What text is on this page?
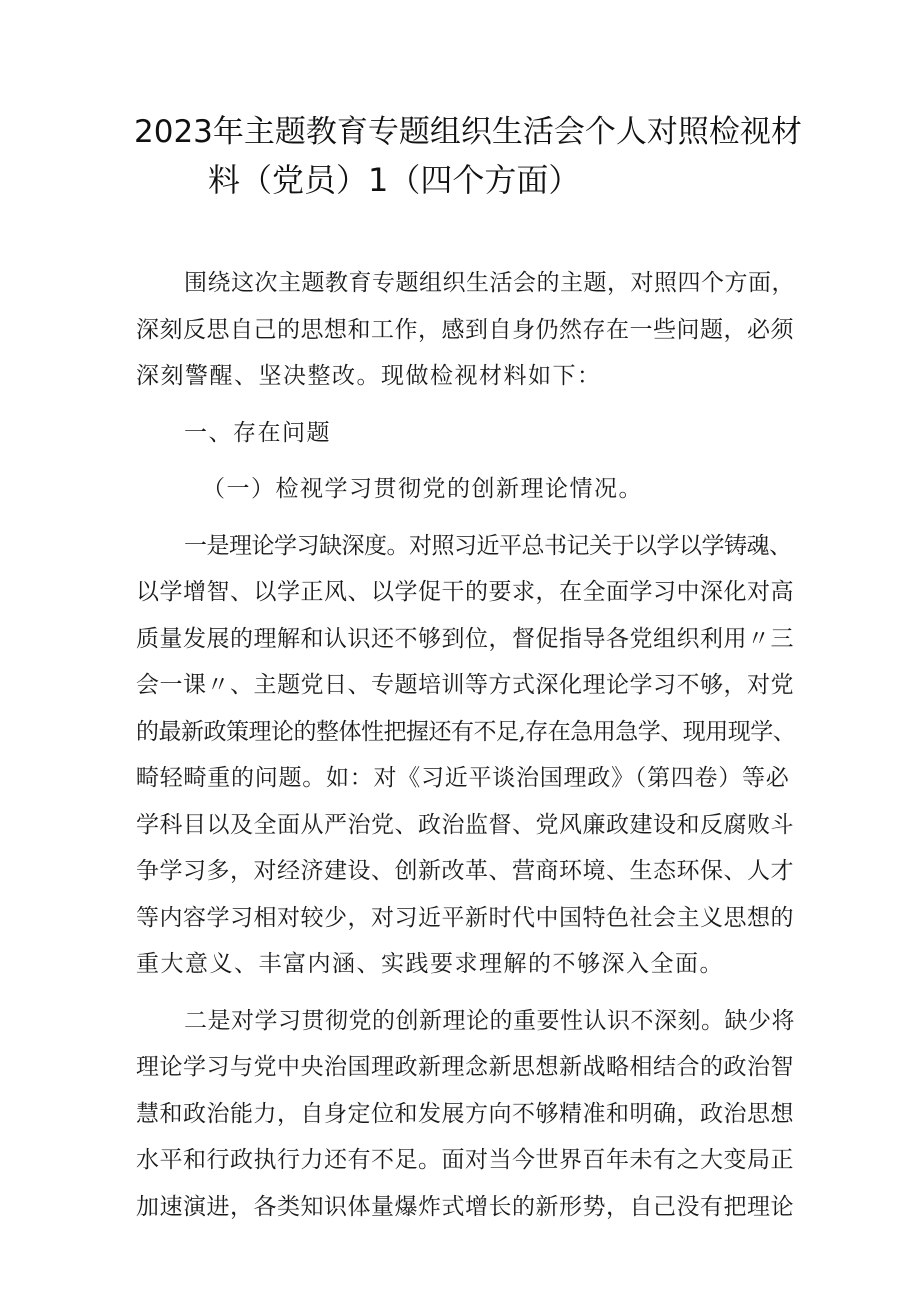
2023年主题教育专题组织生活会个人对照检视材
料（党员）1（四个方面）
围绕这次主题教育专题组织生活会的主题，对照四个方面，
深刻反思自己的思想和工作，感到自身仍然存在一些问题，必须
深刻警醒、坚决整改。现做检视材料如下：
一、存在问题
（一）检视学习贯彻党的创新理论情况。
一是理论学习缺深度。对照习近平总书记关于以学以学铸魂、
以学增智、以学正风、以学促干的要求，在全面学习中深化对高
质量发展的理解和认识还不够到位，督促指导各党组织利用〃三
会一课〃、主题党日、专题培训等方式深化理论学习不够，对党
的最新政策理论的整体性把握还有不足,存在急用急学、现用现学、
畸轻畸重的问题。如：对《习近平谈治国理政》（第四卷）等必
学科目以及全面从严治党、政治监督、党风廉政建设和反腐败斗
争学习多，对经济建设、创新改革、营商环境、生态环保、人才
等内容学习相对较少，对习近平新时代中国特色社会主义思想的
重大意义、丰富内涵、实践要求理解的不够深入全面。
二是对学习贯彻党的创新理论的重要性认识不深刻。缺少将
理论学习与党中央治国理政新理念新思想新战略相结合的政治智
慧和政治能力，自身定位和发展方向不够精准和明确，政治思想
水平和行政执行力还有不足。面对当今世界百年未有之大变局正
加速演进，各类知识体量爆炸式增长的新形势，自己没有把理论
